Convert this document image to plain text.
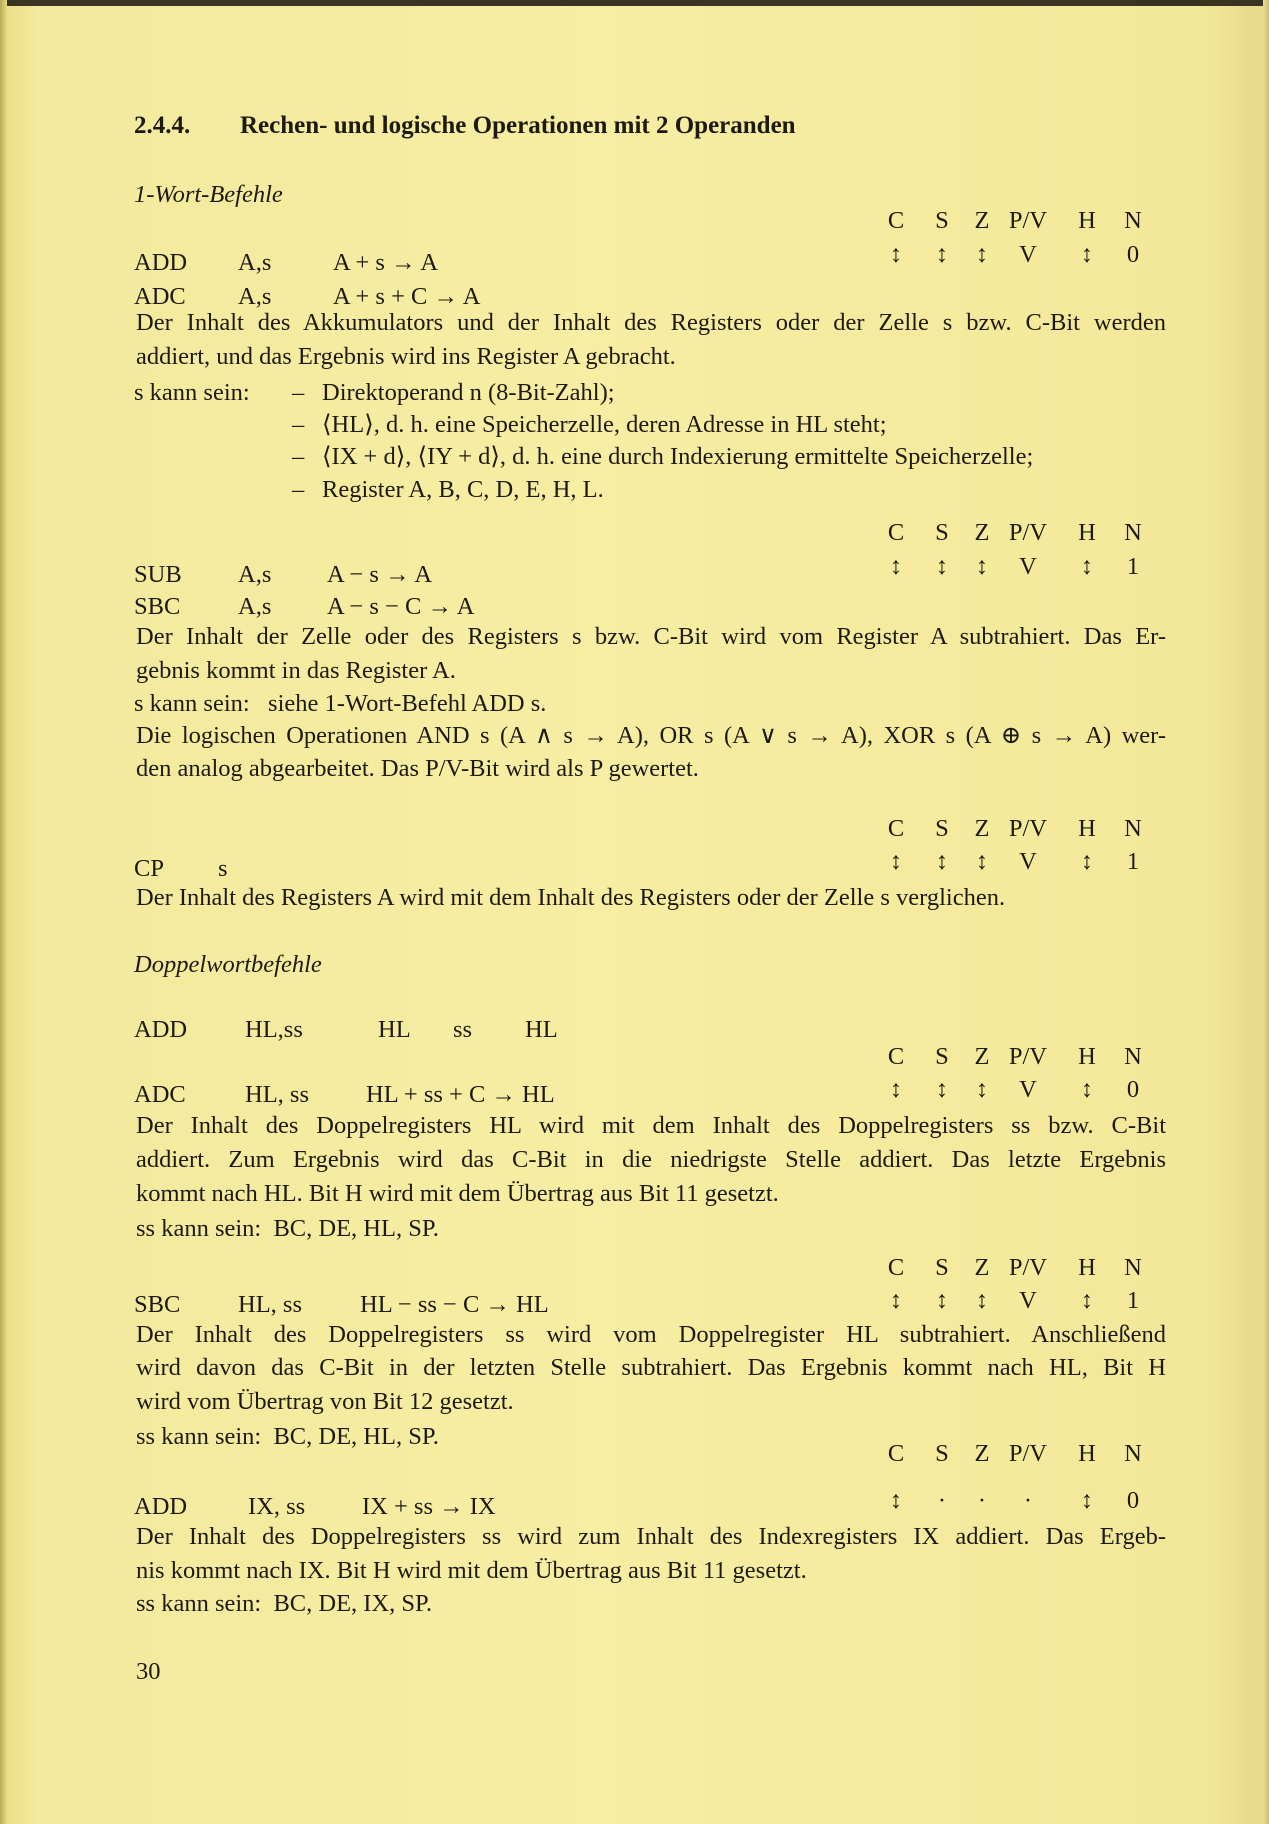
2.4.4. Rechen- und logische Operationen mit 2 Operanden
1-Wort-Befehle
C	S	Z P/V	H	N
ADD A,s	A + s → A	↕	↕	↕	V	↕	0
ADC A,s	A + s + C → A
Der Inhalt des Akkumulators und der Inhalt des Registers oder der Zelle s bzw. C-Bit werden
addiert, und das Ergebnis wird ins Register A gebracht.
s kann sein: – Direktoperand n (8-Bit-Zahl);
– ⟨HL⟩, d. h. eine Speicherzelle, deren Adresse in HL steht;
– ⟨IX + d⟩, ⟨IY + d⟩, d. h. eine durch Indexierung ermittelte Speicherzelle;
– Register A, B, C, D, E, H, L.
C	S	Z P/V	H	N
SUB A,s A − s → A	↕	↕	↕	V	↕	1
SBC A,s A − s − C → A
Der Inhalt der Zelle oder des Registers s bzw. C-Bit wird vom Register A subtrahiert. Das Er-
gebnis kommt in das Register A.
s kann sein:   siehe 1-Wort-Befehl ADD s.
Die logischen Operationen AND s (A ∧ s → A), OR s (A ∨ s → A), XOR s (A ⊕ s → A) wer-
den analog abgearbeitet. Das P/V-Bit wird als P gewertet.
C	S	Z P/V	H	N
CP s	↕	↕	↕	V	↕	1
Der Inhalt des Registers A wird mit dem Inhalt des Registers oder der Zelle s verglichen.
Doppelwortbefehle
ADD HL,ss	HL ss HL
C	S	Z P/V	H	N
ADC HL, ss HL + ss + C → HL	↕	↕	↕	V	↕	0
Der Inhalt des Doppelregisters HL wird mit dem Inhalt des Doppelregisters ss bzw. C-Bit
addiert. Zum Ergebnis wird das C-Bit in die niedrigste Stelle addiert. Das letzte Ergebnis
kommt nach HL. Bit H wird mit dem Übertrag aus Bit 11 gesetzt.
ss kann sein:  BC, DE, HL, SP.
C	S	Z P/V	H	N
SBC HL, ss HL − ss − C → HL	↕	↕	↕	V	↕	1
Der Inhalt des Doppelregisters ss wird vom Doppelregister HL subtrahiert. Anschließend
wird davon das C-Bit in der letzten Stelle subtrahiert. Das Ergebnis kommt nach HL, Bit H
wird vom Übertrag von Bit 12 gesetzt.
ss kann sein:  BC, DE, HL, SP.
C	S	Z P/V	H	N
ADD IX, ss IX + ss → IX	↕	·	·	·	↕	0
Der Inhalt des Doppelregisters ss wird zum Inhalt des Indexregisters IX addiert. Das Ergeb-
nis kommt nach IX. Bit H wird mit dem Übertrag aus Bit 11 gesetzt.
ss kann sein:  BC, DE, IX, SP.
30
